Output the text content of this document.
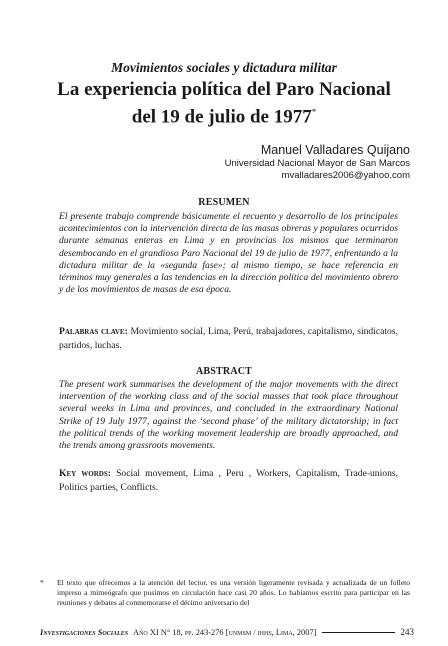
Movimientos sociales y dictadura militar
La experiencia política del Paro Nacional
del 19 de julio de 1977*
Manuel Valladares Quijano
Universidad Nacional Mayor de San Marcos
mvalladares2006@yahoo.com
RESUMEN
El presente trabajo comprende básicamente el recuento y desarrollo de los principales acontecimientos con la intervención directa de las masas obreras y populares ocurridos durante semanas enteras en Lima y en provincias los mismos que terminaron desembocando en el grandioso Paro Nacional del 19 de julio de 1977, enfrentando a la dictadura militar de la «segunda fase»; al mismo tiempo, se hace referencia en términos muy generales a las tendencias en la dirección política del movimiento obrero y de los movimientos de masas de esa época.
Palabras clave: Movimiento social, Lima, Perú, trabajadores, capitalismo, sindicatos, partidos, luchas.
ABSTRACT
The present work summarises the development of the major movements with the direct intervention of the working class and of the social masses that took place throughout several weeks in Lima and provinces, and concluded in the extraordinary National Strike of 19 July 1977, against the ‘second phase’ of the military dictatorship; in fact the political trends of the working movement leadership are broadly approached, and the trends among grassroots movements.
Key words: Social movement, Lima , Peru , Workers, Capitalism, Trade-unions, Politics parties, Conflicts.
*	El texto que ofrecemos a la atención del lector, es una versión ligeramente revisada y actualizada de un folleto impreso a mimeógrafo que pusimos en circulación hace casi 20 años. Lo habíamos escrito para participar en las reuniones y debates al conmemorarse el décimo aniversario del
Investigaciones Sociales Año XI N° 18, pp. 243-276 [unmsm / ihhs, Lima, 2007]	243
